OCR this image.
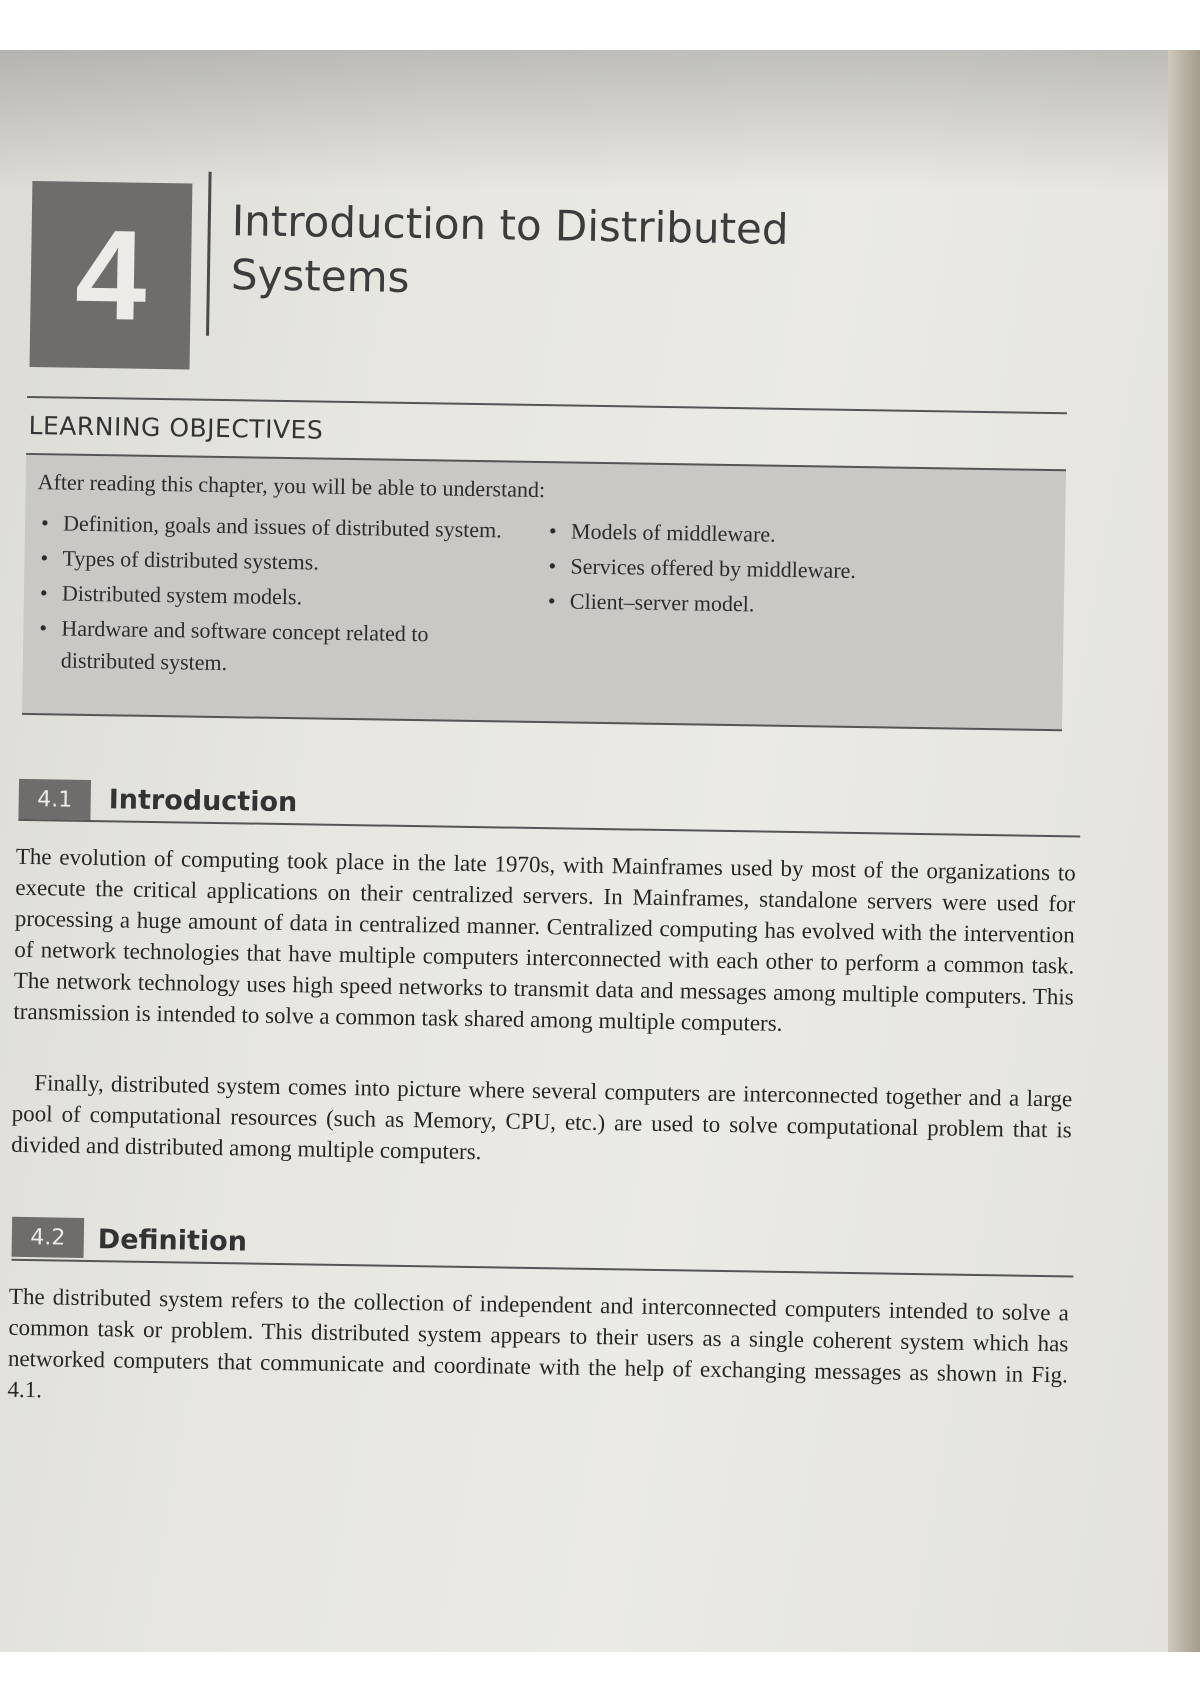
4	Introduction to Distributed Systems
LEARNING OBJECTIVES
After reading this chapter, you will be able to understand:
• Definition, goals and issues of distributed system.
• Types of distributed systems.
• Distributed system models.
• Hardware and software concept related to distributed system.
• Models of middleware.
• Services offered by middleware.
• Client–server model.
4.1	Introduction

The evolution of computing took place in the late 1970s, with Mainframes used by most of the organizations to execute the critical applications on their centralized servers. In Mainframes, standalone servers were used for processing a huge amount of data in centralized manner. Centralized computing has evolved with the intervention of network technologies that have multiple computers interconnected with each other to perform a common task. The network technology uses high speed networks to transmit data and messages among multiple computers. This transmission is intended to solve a common task shared among multiple computers.

Finally, distributed system comes into picture where several computers are interconnected together and a large pool of computational resources (such as Memory, CPU, etc.) are used to solve computational problem that is divided and distributed among multiple computers.

4.2	Definition

The distributed system refers to the collection of independent and interconnected computers intended to solve a common task or problem. This distributed system appears to their users as a single coherent system which has networked computers that communicate and coordinate with the help of exchanging messages as shown in Fig. 4.1.
